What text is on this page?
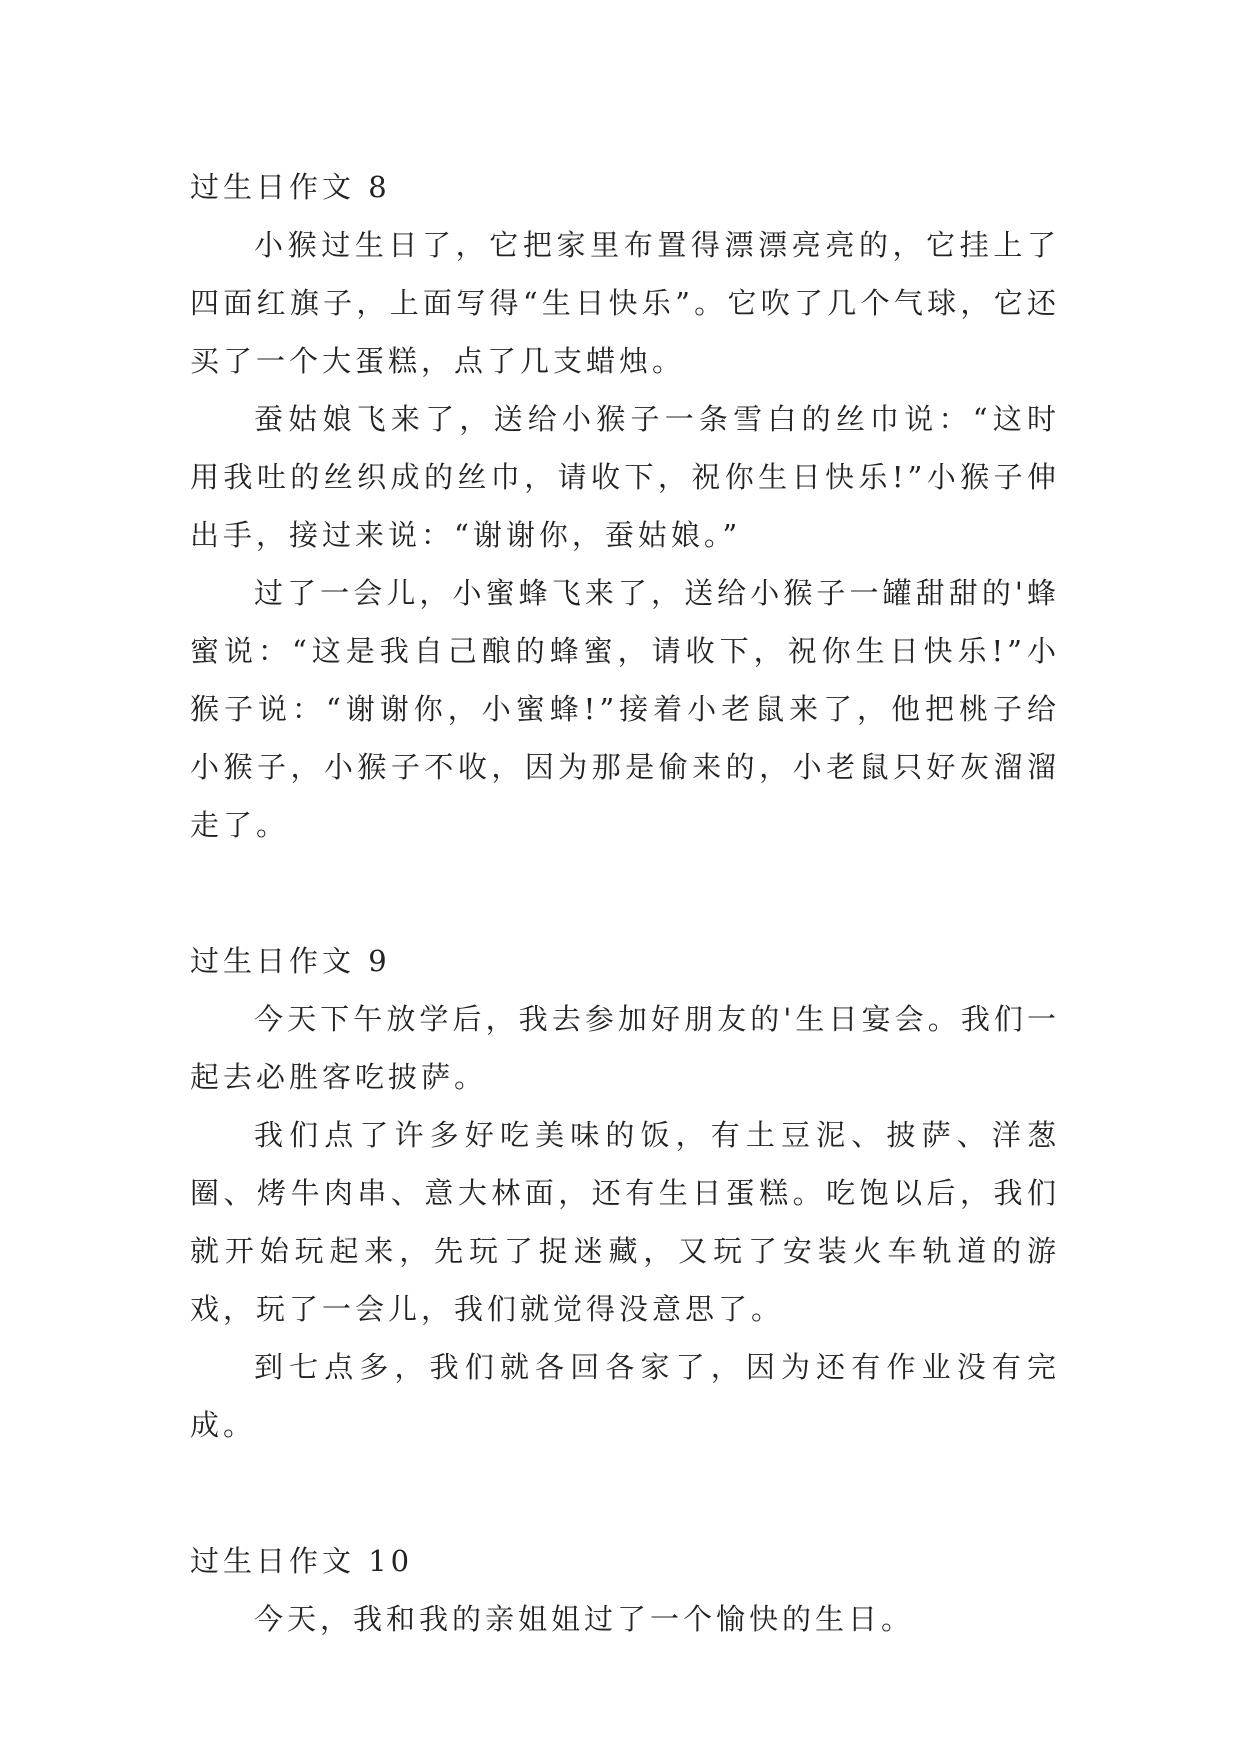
过生日作文 8

小猴过生日了，它把家里布置得漂漂亮亮的，它挂上了四面红旗子，上面写得“生日快乐”。它吹了几个气球，它还买了一个大蛋糕，点了几支蜡烛。

蚕姑娘飞来了，送给小猴子一条雪白的丝巾说：“这时用我吐的丝织成的丝巾，请收下，祝你生日快乐!”小猴子伸出手，接过来说：“谢谢你，蚕姑娘。”

过了一会儿，小蜜蜂飞来了，送给小猴子一罐甜甜的'蜂蜜说：“这是我自己酿的蜂蜜，请收下，祝你生日快乐!”小猴子说：“谢谢你，小蜜蜂!”接着小老鼠来了，他把桃子给小猴子，小猴子不收，因为那是偷来的，小老鼠只好灰溜溜走了。

过生日作文 9

今天下午放学后，我去参加好朋友的'生日宴会。我们一起去必胜客吃披萨。

我们点了许多好吃美味的饭，有土豆泥、披萨、洋葱圈、烤牛肉串、意大林面，还有生日蛋糕。吃饱以后，我们就开始玩起来，先玩了捉迷藏，又玩了安装火车轨道的游戏，玩了一会儿，我们就觉得没意思了。

到七点多，我们就各回各家了，因为还有作业没有完成。

过生日作文 10

今天，我和我的亲姐姐过了一个愉快的生日。
